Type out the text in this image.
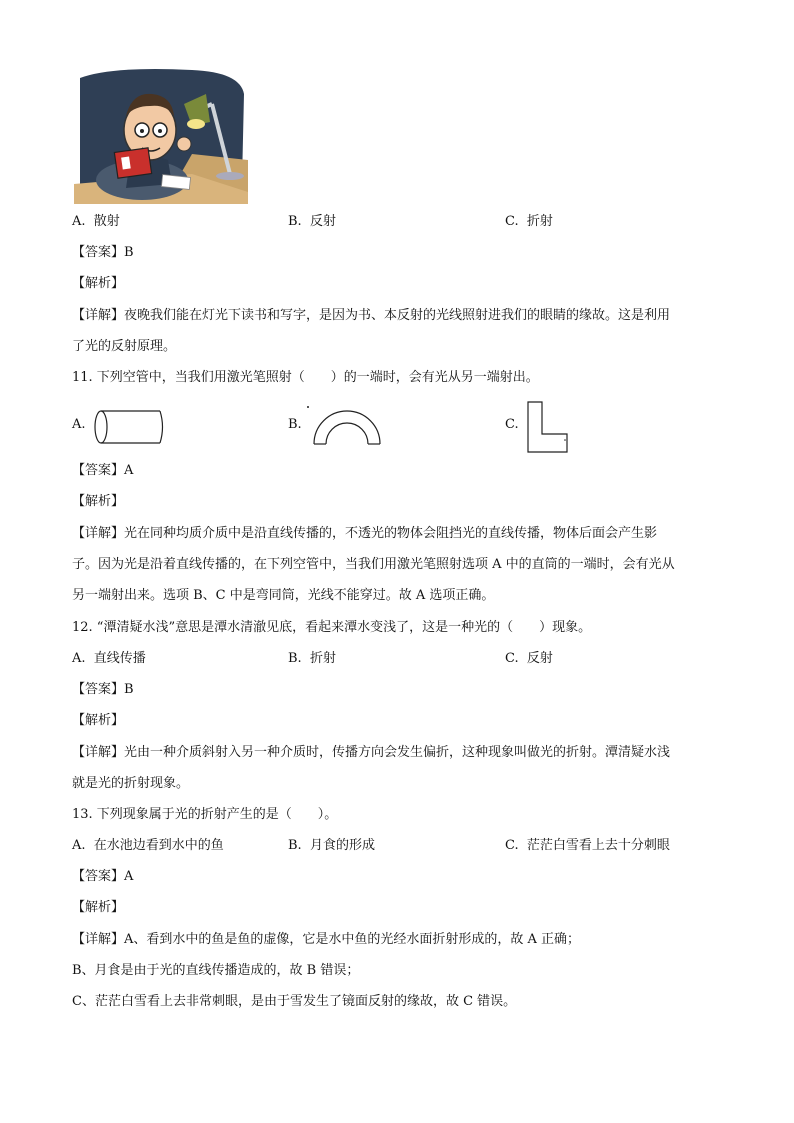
A. 散射	B. 反射	C. 折射
【答案】B
【解析】
【详解】夜晚我们能在灯光下读书和写字，是因为书、本反射的光线照射进我们的眼睛的缘故。这是利用
了光的反射原理。
11. 下列空管中，当我们用激光笔照射（　　）的一端时，会有光从另一端射出。
A.	B.	C.
【答案】A
【解析】
【详解】光在同种均质介质中是沿直线传播的，不透光的物体会阻挡光的直线传播，物体后面会产生影
子。因为光是沿着直线传播的，在下列空管中，当我们用激光笔照射选项 A 中的直筒的一端时，会有光从
另一端射出来。选项 B、C 中是弯同筒，光线不能穿过。故 A 选项正确。
12. “潭清疑水浅”意思是潭水清澈见底，看起来潭水变浅了，这是一种光的（　　）现象。
A. 直线传播	B. 折射	C. 反射
【答案】B
【解析】
【详解】光由一种介质斜射入另一种介质时，传播方向会发生偏折，这种现象叫做光的折射。潭清疑水浅
就是光的折射现象。
13. 下列现象属于光的折射产生的是（　　）。
A. 在水池边看到水中的鱼	B. 月食的形成	C. 茫茫白雪看上去十分刺眼
【答案】A
【解析】
【详解】A、看到水中的鱼是鱼的虚像，它是水中鱼的光经水面折射形成的，故 A 正确；
B、月食是由于光的直线传播造成的，故 B 错误；
C、茫茫白雪看上去非常刺眼，是由于雪发生了镜面反射的缘故，故 C 错误。
